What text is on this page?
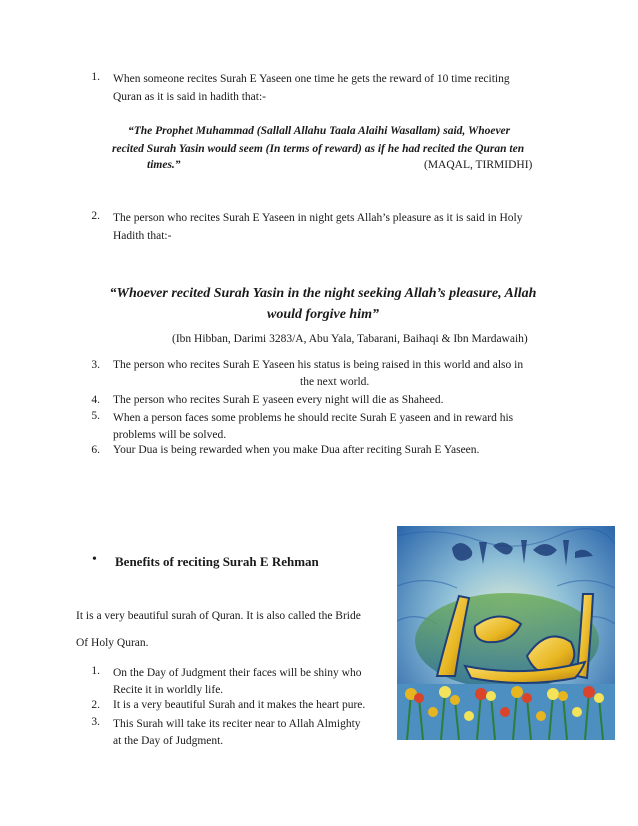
1. When someone recites Surah E Yaseen one time he gets the reward of 10 time reciting
Quran as it is said in hadith that:-
“The Prophet Muhammad (Sallall Allahu Taala Alaihi Wasallam) said, Whoever
recited Surah Yasin would seem (In terms of reward) as if he had recited the Quran ten
times.”	(MAQAL, TIRMIDHI)
2. The person who recites Surah E Yaseen in night gets Allah’s pleasure as it is said in Holy
Hadith that:-
“Whoever recited Surah Yasin in the night seeking Allah’s pleasure, Allah
would forgive him”
(Ibn Hibban, Darimi 3283/A, Abu Yala, Tabarani, Baihaqi & Ibn Mardawaih)
3. The person who recites Surah E Yaseen his status is being raised in this world and also in
the next world.
4. The person who recites Surah E yaseen every night will die as Shaheed.
5. When a person faces some problems he should recite Surah E yaseen and in reward his
problems will be solved.
6. Your Dua is being rewarded when you make Dua after reciting Surah E Yaseen.
• Benefits of reciting Surah E Rehman
It is a very beautiful surah of Quran. It is also called the Bride
Of Holy Quran.
1. On the Day of Judgment their faces will be shiny who
Recite it in worldly life.
2. It is a very beautiful Surah and it makes the heart pure.
3. This Surah will take its reciter near to Allah Almighty
at the Day of Judgment.
